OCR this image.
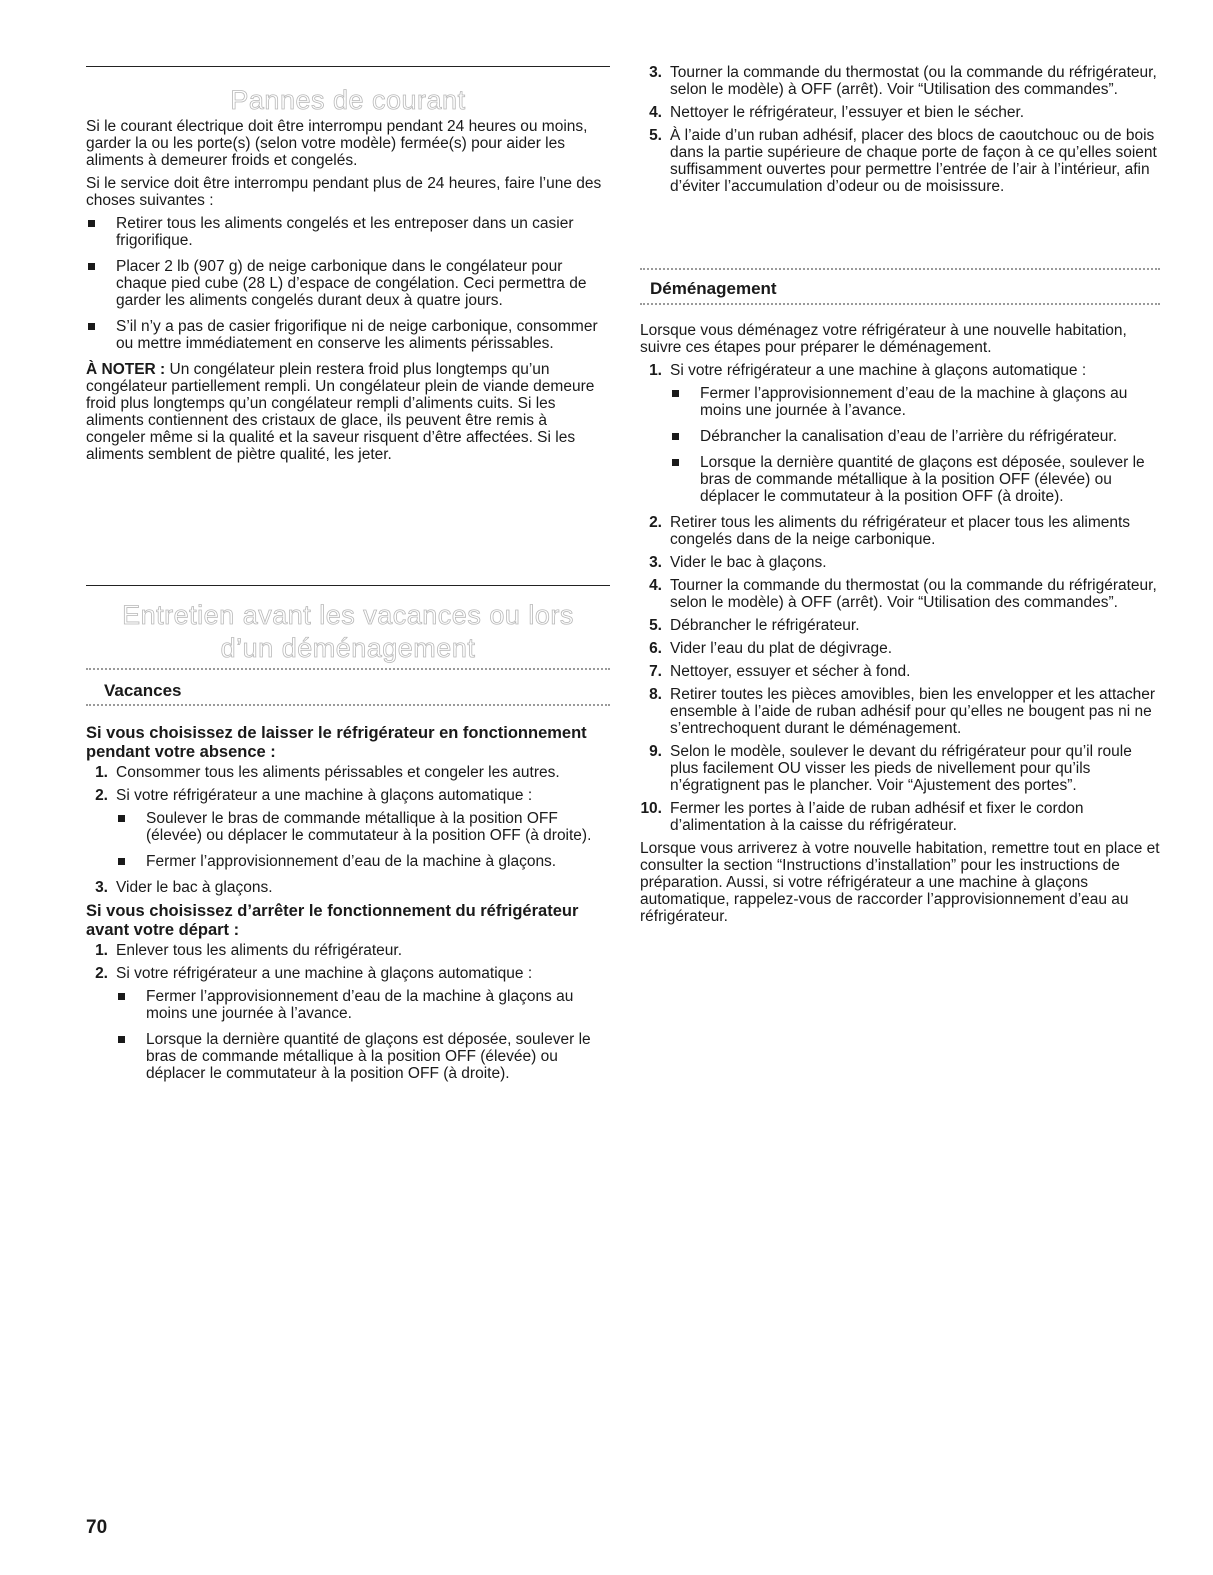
Pannes de courant

Si le courant électrique doit être interrompu pendant 24 heures ou moins, garder la ou les porte(s) (selon votre modèle) fermée(s) pour aider les aliments à demeurer froids et congelés.

Si le service doit être interrompu pendant plus de 24 heures, faire l’une des choses suivantes :

Retirer tous les aliments congelés et les entreposer dans un casier frigorifique.
Placer 2 lb (907 g) de neige carbonique dans le congélateur pour chaque pied cube (28 L) d’espace de congélation. Ceci permettra de garder les aliments congelés durant deux à quatre jours.
S’il n’y a pas de casier frigorifique ni de neige carbonique, consommer ou mettre immédiatement en conserve les aliments périssables.

À NOTER : Un congélateur plein restera froid plus longtemps qu’un congélateur partiellement rempli. Un congélateur plein de viande demeure froid plus longtemps qu’un congélateur rempli d’aliments cuits. Si les aliments contiennent des cristaux de glace, ils peuvent être remis à congeler même si la qualité et la saveur risquent d’être affectées. Si les aliments semblent de piètre qualité, les jeter.

Entretien avant les vacances ou lors
d’un déménagement
Vacances

Si vous choisissez de laisser le réfrigérateur en fonctionnement pendant votre absence :

1. Consommer tous les aliments périssables et congeler les autres.
2. Si votre réfrigérateur a une machine à glaçons automatique :
Soulever le bras de commande métallique à la position OFF (élevée) ou déplacer le commutateur à la position OFF (à droite).
Fermer l’approvisionnement d’eau de la machine à glaçons.
3. Vider le bac à glaçons.

Si vous choisissez d’arrêter le fonctionnement du réfrigérateur avant votre départ :

1. Enlever tous les aliments du réfrigérateur.
2. Si votre réfrigérateur a une machine à glaçons automatique :
Fermer l’approvisionnement d’eau de la machine à glaçons au moins une journée à l’avance.
Lorsque la dernière quantité de glaçons est déposée, soulever le bras de commande métallique à la position OFF (élevée) ou déplacer le commutateur à la position OFF (à droite).
3. Tourner la commande du thermostat (ou la commande du réfrigérateur, selon le modèle) à OFF (arrêt). Voir “Utilisation des commandes”.
4. Nettoyer le réfrigérateur, l’essuyer et bien le sécher.
5. À l’aide d’un ruban adhésif, placer des blocs de caoutchouc ou de bois dans la partie supérieure de chaque porte de façon à ce qu’elles soient suffisamment ouvertes pour permettre l’entrée de l’air à l’intérieur, afin d’éviter l’accumulation d’odeur ou de moisissure.
Déménagement

Lorsque vous déménagez votre réfrigérateur à une nouvelle habitation, suivre ces étapes pour préparer le déménagement.

1. Si votre réfrigérateur a une machine à glaçons automatique :
Fermer l’approvisionnement d’eau de la machine à glaçons au moins une journée à l’avance.
Débrancher la canalisation d’eau de l’arrière du réfrigérateur.
Lorsque la dernière quantité de glaçons est déposée, soulever le bras de commande métallique à la position OFF (élevée) ou déplacer le commutateur à la position OFF (à droite).
2. Retirer tous les aliments du réfrigérateur et placer tous les aliments congelés dans de la neige carbonique.
3. Vider le bac à glaçons.
4. Tourner la commande du thermostat (ou la commande du réfrigérateur, selon le modèle) à OFF (arrêt). Voir “Utilisation des commandes”.
5. Débrancher le réfrigérateur.
6. Vider l’eau du plat de dégivrage.
7. Nettoyer, essuyer et sécher à fond.
8. Retirer toutes les pièces amovibles, bien les envelopper et les attacher ensemble à l’aide de ruban adhésif pour qu’elles ne bougent pas ni ne s’entrechoquent durant le déménagement.
9. Selon le modèle, soulever le devant du réfrigérateur pour qu’il roule plus facilement OU visser les pieds de nivellement pour qu’ils n’égratignent pas le plancher. Voir “Ajustement des portes”.
10. Fermer les portes à l’aide de ruban adhésif et fixer le cordon d’alimentation à la caisse du réfrigérateur.

Lorsque vous arriverez à votre nouvelle habitation, remettre tout en place et consulter la section “Instructions d’installation” pour les instructions de préparation. Aussi, si votre réfrigérateur a une machine à glaçons automatique, rappelez-vous de raccorder l’approvisionnement d’eau au réfrigérateur.

70
